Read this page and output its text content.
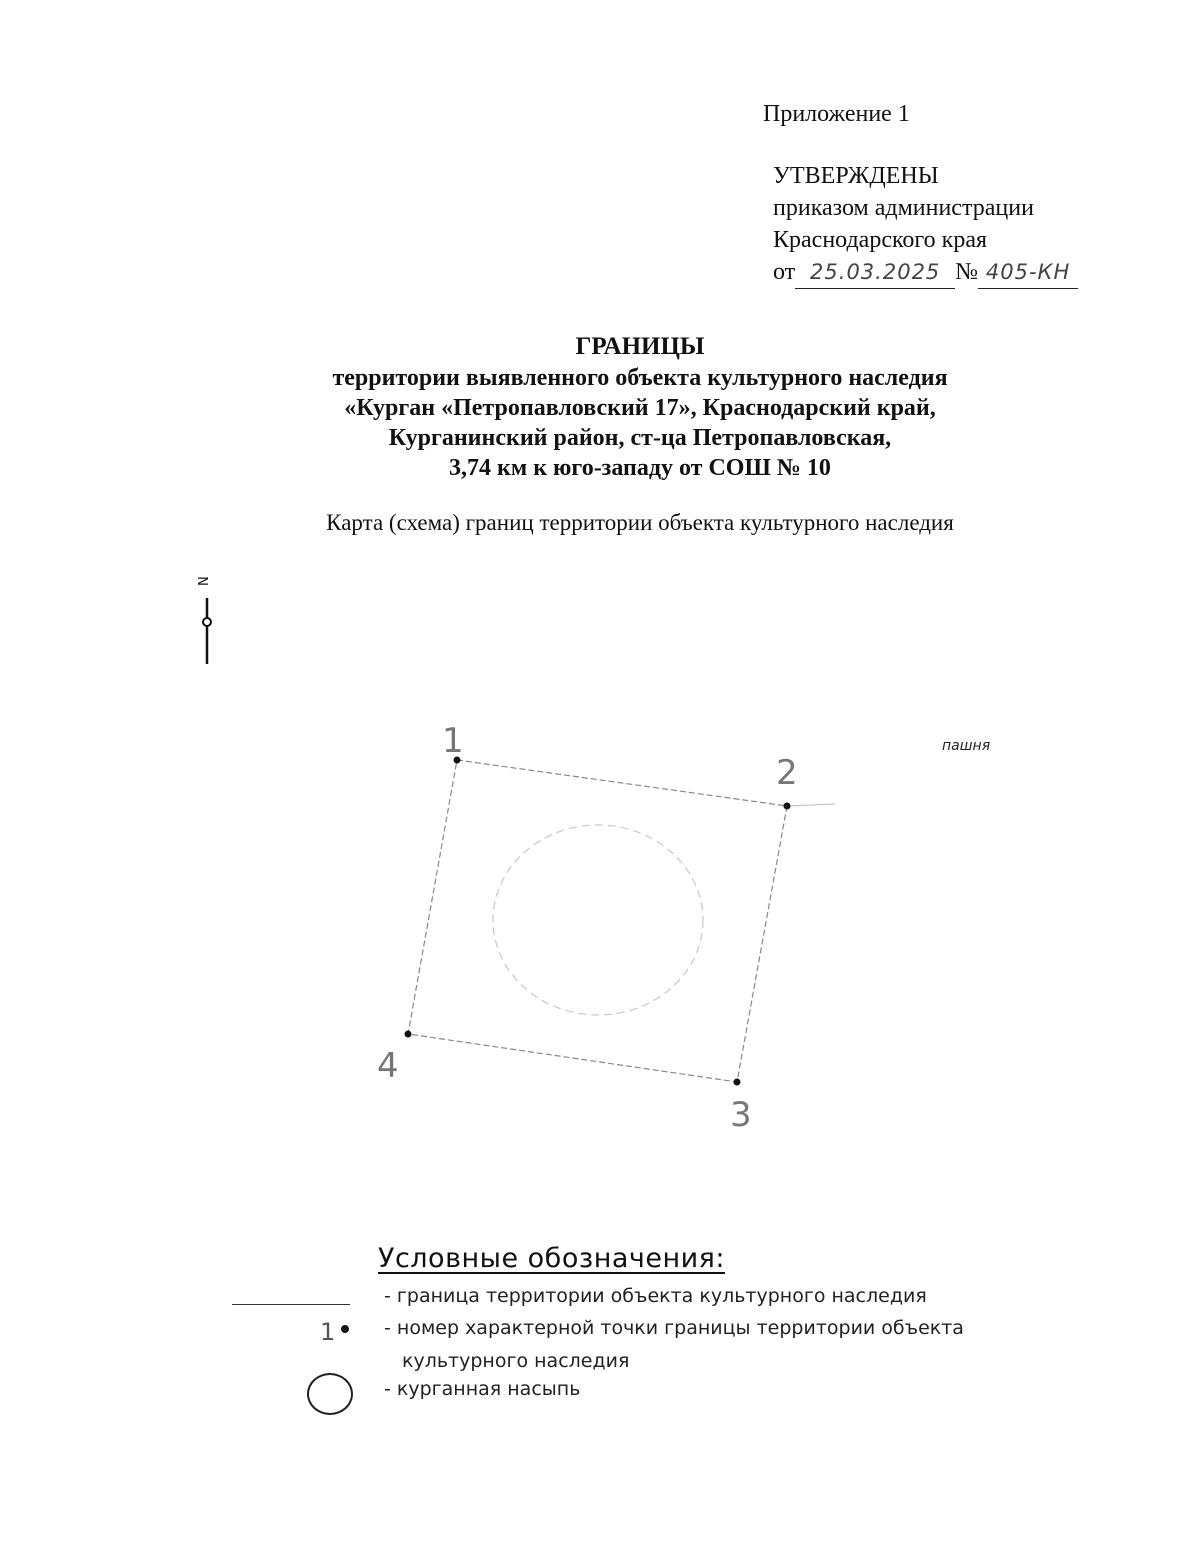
Приложение 1
УТВЕРЖДЕНЫ
приказом администрации
Краснодарского края
от 25.03.2025 № 405-КН
ГРАНИЦЫ
территории выявленного объекта культурного наследия
«Курган «Петропавловский 17», Краснодарский край,
Курганинский район, ст-ца Петропавловская,
3,74 км к юго-западу от СОШ № 10
Карта (схема) границ территории объекта культурного наследия
N
пашня
1
2
3
4
Условные обозначения:
- граница территории объекта культурного наследия
1	- номер характерной точки границы территории объекта
культурного наследия
- курганная насыпь
